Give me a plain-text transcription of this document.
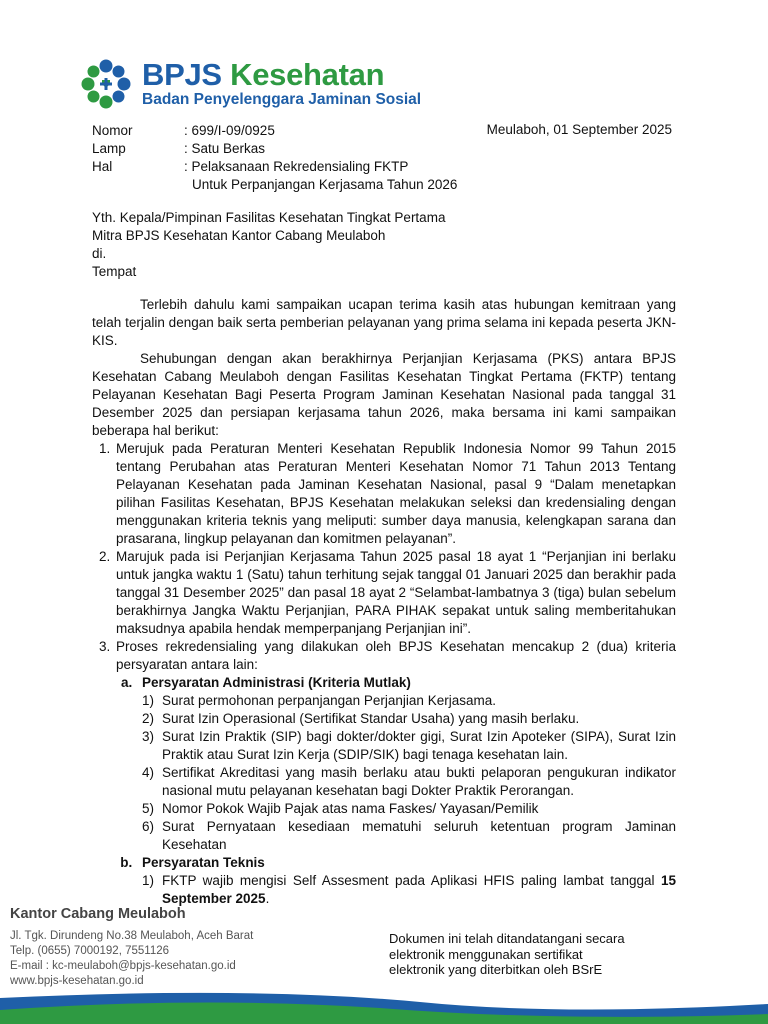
BPJS Kesehatan
Badan Penyelenggara Jaminan Sosial
Nomor	: 699/I-09/0925
Lamp	: Satu Berkas
Hal	: Pelaksanaan Rekredensialing FKTP
Untuk Perpanjangan Kerjasama Tahun 2026
Meulaboh, 01 September 2025
Yth. Kepala/Pimpinan Fasilitas Kesehatan Tingkat Pertama
Mitra BPJS Kesehatan Kantor Cabang Meulaboh
di.
Tempat

Terlebih dahulu kami sampaikan ucapan terima kasih atas hubungan kemitraan yang telah terjalin dengan baik serta pemberian pelayanan yang prima selama ini kepada peserta JKN-KIS.

Sehubungan dengan akan berakhirnya Perjanjian Kerjasama (PKS) antara BPJS Kesehatan Cabang Meulaboh dengan Fasilitas Kesehatan Tingkat Pertama (FKTP) tentang Pelayanan Kesehatan Bagi Peserta Program Jaminan Kesehatan Nasional pada tanggal 31 Desember 2025 dan persiapan kerjasama tahun 2026, maka bersama ini kami sampaikan beberapa hal berikut:

1. Merujuk pada Peraturan Menteri Kesehatan Republik Indonesia Nomor 99 Tahun 2015 tentang Perubahan atas Peraturan Menteri Kesehatan Nomor 71 Tahun 2013 Tentang Pelayanan Kesehatan pada Jaminan Kesehatan Nasional, pasal 9 “Dalam menetapkan pilihan Fasilitas Kesehatan, BPJS Kesehatan melakukan seleksi dan kredensialing dengan menggunakan kriteria teknis yang meliputi: sumber daya manusia, kelengkapan sarana dan prasarana, lingkup pelayanan dan komitmen pelayanan”.
2. Marujuk pada isi Perjanjian Kerjasama Tahun 2025 pasal 18 ayat 1 “Perjanjian ini berlaku untuk jangka waktu 1 (Satu) tahun terhitung sejak tanggal 01 Januari 2025 dan berakhir pada tanggal 31 Desember 2025” dan pasal 18 ayat 2 “Selambat-lambatnya 3 (tiga) bulan sebelum berakhirnya Jangka Waktu Perjanjian, PARA PIHAK sepakat untuk saling memberitahukan maksudnya apabila hendak memperpanjang Perjanjian ini”.
3. Proses rekredensialing yang dilakukan oleh BPJS Kesehatan mencakup 2 (dua) kriteria persyaratan antara lain:
a. Persyaratan Administrasi (Kriteria Mutlak)
1) Surat permohonan perpanjangan Perjanjian Kerjasama.
2) Surat Izin Operasional (Sertifikat Standar Usaha) yang masih berlaku.
3) Surat Izin Praktik (SIP) bagi dokter/dokter gigi, Surat Izin Apoteker (SIPA), Surat Izin Praktik atau Surat Izin Kerja (SDIP/SIK) bagi tenaga kesehatan lain.
4) Sertifikat Akreditasi yang masih berlaku atau bukti pelaporan pengukuran indikator nasional mutu pelayanan kesehatan bagi Dokter Praktik Perorangan.
5) Nomor Pokok Wajib Pajak atas nama Faskes/ Yayasan/Pemilik
6) Surat Pernyataan kesediaan mematuhi seluruh ketentuan program Jaminan Kesehatan
b. Persyaratan Teknis
1) FKTP wajib mengisi Self Assesment pada Aplikasi HFIS paling lambat tanggal 15 September 2025.
Kantor Cabang Meulaboh
Jl. Tgk. Dirundeng No.38 Meulaboh, Aceh Barat
Telp. (0655) 7000192, 7551126
E-mail : kc-meulaboh@bpjs-kesehatan.go.id
www.bpjs-kesehatan.go.id
Dokumen ini telah ditandatangani secara
elektronik menggunakan sertifikat
elektronik yang diterbitkan oleh BSrE
